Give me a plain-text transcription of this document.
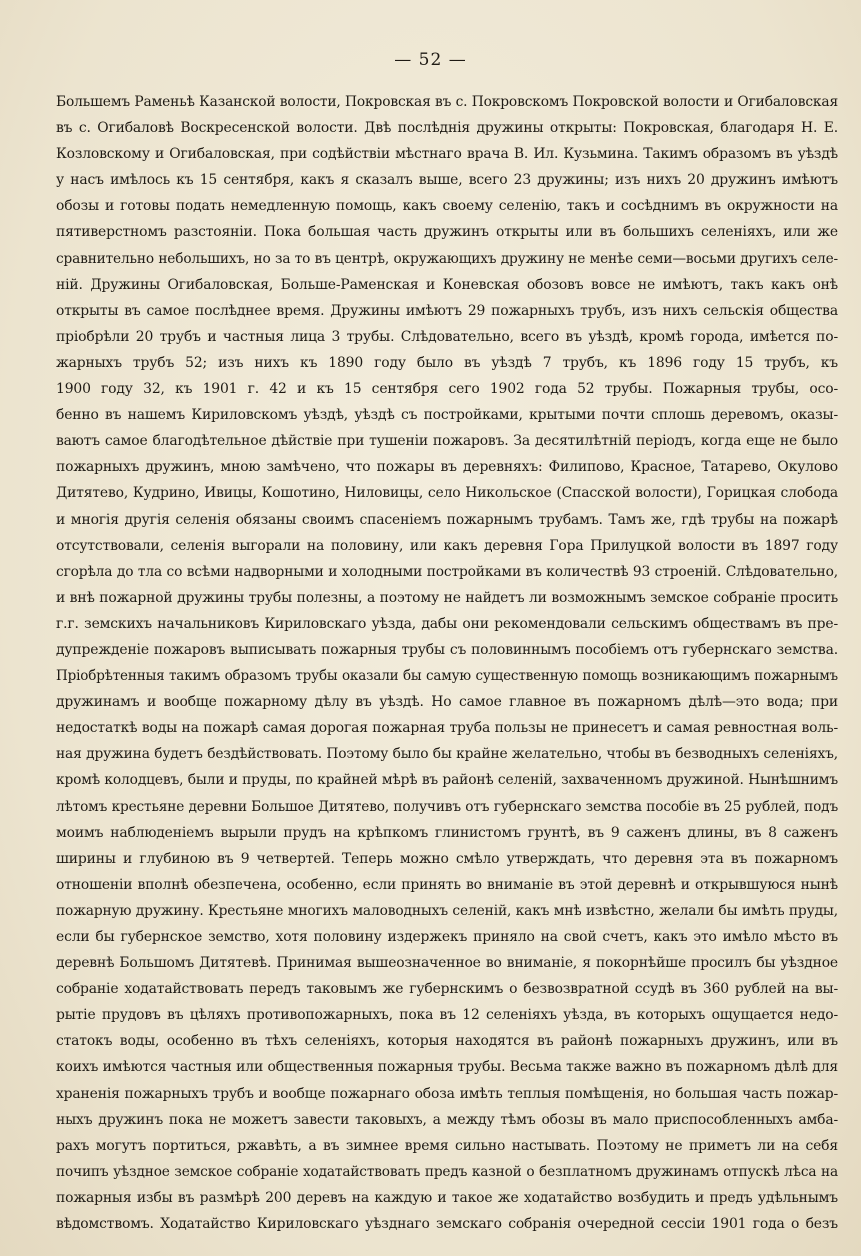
— 52 —
Большемъ Раменьѣ Казанской волости, Покровская въ с. Покровскомъ Покровской волости и Огибаловская
въ с. Огибаловѣ Воскресенской волости. Двѣ послѣднія дружины открыты: Покровская, благодаря Н. Е.
Козловскому и Огибаловская, при содѣйствіи мѣстнаго врача В. Ил. Кузьмина. Такимъ образомъ въ уѣздѣ
у насъ имѣлось къ 15 сентября, какъ я сказалъ выше, всего 23 дружины; изъ нихъ 20 дружинъ имѣютъ
обозы и готовы подать немедленную помощь, какъ своему селенію, такъ и сосѣднимъ въ окружности на
пятиверстномъ разстояніи. Пока большая часть дружинъ открыты или въ большихъ селеніяхъ, или же
сравнительно небольшихъ, но за то въ центрѣ, окружающихъ дружину не менѣе семи—восьми другихъ селе-
ній. Дружины Огибаловская, Больше-Раменская и Коневская обозовъ вовсе не имѣютъ, такъ какъ онѣ
открыты въ самое послѣднее время. Дружины имѣютъ 29 пожарныхъ трубъ, изъ нихъ сельскія общества
пріобрѣли 20 трубъ и частныя лица 3 трубы. Слѣдовательно, всего въ уѣздѣ, кромѣ города, имѣется по-
жарныхъ трубъ 52; изъ нихъ къ 1890 году было въ уѣздѣ 7 трубъ, къ 1896 году 15 трубъ, къ
1900 году 32, къ 1901 г. 42 и къ 15 сентября сего 1902 года 52 трубы. Пожарныя трубы, осо-
бенно въ нашемъ Кириловскомъ уѣздѣ, уѣздѣ съ постройками, крытыми почти сплошь деревомъ, оказы-
ваютъ самое благодѣтельное дѣйствіе при тушеніи пожаровъ. За десятилѣтній періодъ, когда еще не было
пожарныхъ дружинъ, мною замѣчено, что пожары въ деревняхъ: Филипово, Красное, Татарево, Окулово
Дитятево, Кудрино, Ивицы, Кошотино, Ниловицы, село Никольское (Спасской волости), Горицкая слобода
и многія другія селенія обязаны своимъ спасеніемъ пожарнымъ трубамъ. Тамъ же, гдѣ трубы на пожарѣ
отсутствовали, селенія выгорали на половину, или какъ деревня Гора Прилуцкой волости въ 1897 году
сгорѣла до тла со всѣми надворными и холодными постройками въ количествѣ 93 строеній. Слѣдовательно,
и внѣ пожарной дружины трубы полезны, а поэтому не найдетъ ли возможнымъ земское собраніе просить
г.г. земскихъ начальниковъ Кириловскаго уѣзда, дабы они рекомендовали сельскимъ обществамъ въ пре-
дупрежденіе пожаровъ выписывать пожарныя трубы съ половиннымъ пособіемъ отъ губернскаго земства.
Пріобрѣтенныя такимъ образомъ трубы оказали бы самую существенную помощь возникающимъ пожарнымъ
дружинамъ и вообще пожарному дѣлу въ уѣздѣ. Но самое главное въ пожарномъ дѣлѣ—это вода; при
недостаткѣ воды на пожарѣ самая дорогая пожарная труба пользы не принесетъ и самая ревностная воль-
ная дружина будетъ бездѣйствовать. Поэтому было бы крайне желательно, чтобы въ безводныхъ селеніяхъ,
кромѣ колодцевъ, были и пруды, по крайней мѣрѣ въ районѣ селеній, захваченномъ дружиной. Нынѣшнимъ
лѣтомъ крестьяне деревни Большое Дитятево, получивъ отъ губернскаго земства пособіе въ 25 рублей, подъ
моимъ наблюденіемъ вырыли прудъ на крѣпкомъ глинистомъ грунтѣ, въ 9 саженъ длины, въ 8 саженъ
ширины и глубиною въ 9 четвертей. Теперь можно смѣло утверждать, что деревня эта въ пожарномъ
отношеніи вполнѣ обезпечена, особенно, если принять во вниманіе въ этой деревнѣ и открывшуюся нынѣ
пожарную дружину. Крестьяне многихъ маловодныхъ селеній, какъ мнѣ извѣстно, желали бы имѣть пруды,
если бы губернское земство, хотя половину издержекъ приняло на свой счетъ, какъ это имѣло мѣсто въ
деревнѣ Большомъ Дитятевѣ. Принимая вышеозначенное во вниманіе, я покорнѣйше просилъ бы уѣздное
собраніе ходатайствовать передъ таковымъ же губернскимъ о безвозвратной ссудѣ въ 360 рублей на вы-
рытіе прудовъ въ цѣляхъ противопожарныхъ, пока въ 12 селеніяхъ уѣзда, въ которыхъ ощущается недо-
статокъ воды, особенно въ тѣхъ селеніяхъ, которыя находятся въ районѣ пожарныхъ дружинъ, или въ
коихъ имѣются частныя или общественныя пожарныя трубы. Весьма также важно въ пожарномъ дѣлѣ для
храненія пожарныхъ трубъ и вообще пожарнаго обоза имѣть теплыя помѣщенія, но большая часть пожар-
ныхъ дружинъ пока не можетъ завести таковыхъ, а между тѣмъ обозы въ мало приспособленныхъ амба-
рахъ могутъ портиться, ржавѣть, а въ зимнее время сильно настывать. Поэтому не приметъ ли на себя
почипъ уѣздное земское собраніе ходатайствовать предъ казной о безплатномъ дружинамъ отпускѣ лѣса на
пожарныя избы въ размѣрѣ 200 деревъ на каждую и такое же ходатайство возбудить и предъ удѣльнымъ
вѣдомствомъ. Ходатайство Кириловскаго уѣзднаго земскаго собранія очередной сессіи 1901 года о безъ
